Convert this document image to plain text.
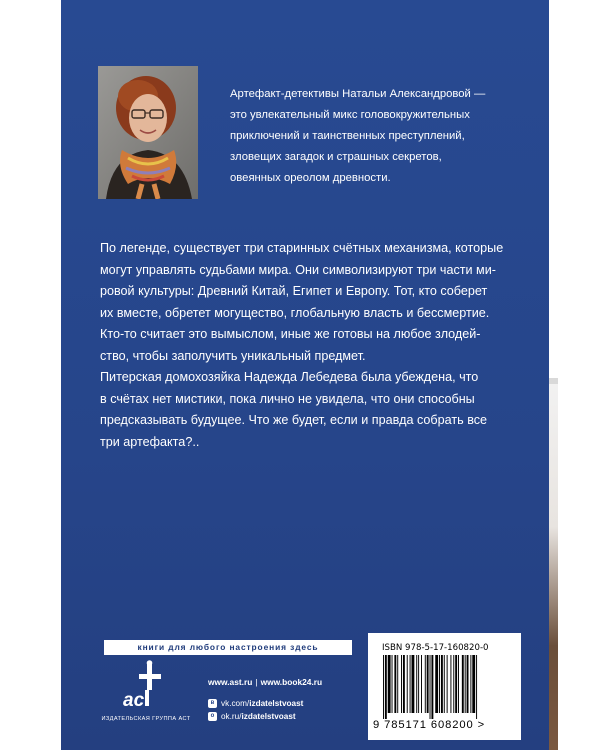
Артефакт-детективы Натальи Александровой —
это увлекательный микс головокружительных
приключений и таинственных преступлений,
зловещих загадок и страшных секретов,
овеянных ореолом древности.
По легенде, существует три старинных счётных механизма, которые
могут управлять судьбами мира. Они символизируют три части ми-
ровой культуры: Древний Китай, Египет и Европу. Тот, кто соберет
их вместе, обретет могущество, глобальную власть и бессмертие.
Кто-то считает это вымыслом, иные же готовы на любое злодей-
ство, чтобы заполучить уникальный предмет.
Питерская домохозяйка Надежда Лебедева была убеждена, что
в счётах нет мистики, пока лично не увидела, что они способны
предсказывать будущее. Что же будет, если и правда собрать все
три артефакта?..
книги для любого настроения здесь
ac
ИЗДАТЕЛЬСКАЯ ГРУППА АСТ
www.ast.ru | www.book24.ru
в vk.com/ izdatelstvoast
о ok.ru/ izdatelstvoast
ISBN 978-5-17-160820-0
9 785171 608200 >
